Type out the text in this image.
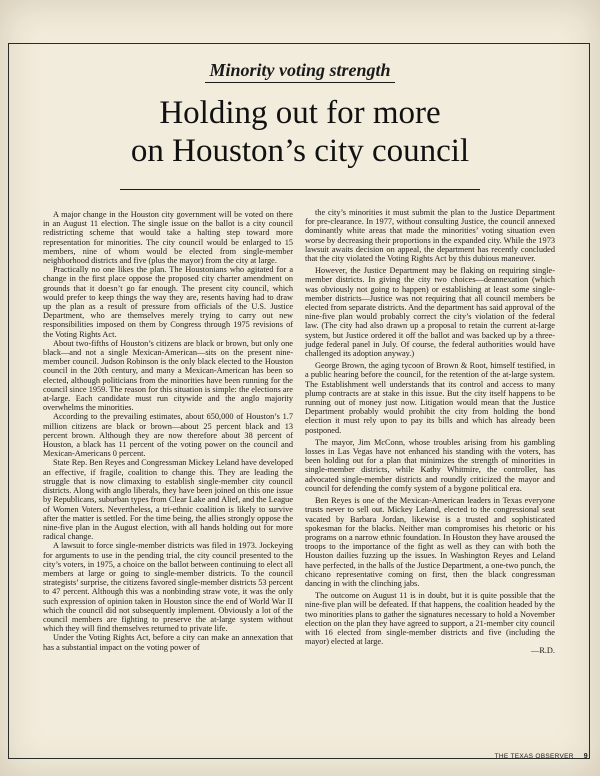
Minority voting strength
Holding out for more
on Houston’s city council

A major change in the Houston city government will be voted on there in an August 11 election. The single issue on the ballot is a city council redistricting scheme that would take a halting step toward more representation for minorities. The city council would be enlarged to 15 members, nine of whom would be elected from single-member neighborhood districts and five (plus the mayor) from the city at large.

Practically no one likes the plan. The Houstonians who agitated for a change in the first place oppose the proposed city charter amendment on grounds that it doesn’t go far enough. The present city council, which would prefer to keep things the way they are, resents having had to draw up the plan as a result of pressure from officials of the U.S. Justice Department, who are themselves merely trying to carry out new responsibilities imposed on them by Congress through 1975 revisions of the Voting Rights Act.

About two-fifths of Houston’s citizens are black or brown, but only one black—and not a single Mexican-American—sits on the present nine-member council. Judson Robinson is the only black elected to the Houston council in the 20th century, and many a Mexican-American has been so elected, although politicians from the minorities have been running for the council since 1959. The reason for this situation is simple: the elections are at-large. Each candidate must run citywide and the anglo majority overwhelms the minorities.

According to the prevailing estimates, about 650,000 of Houston’s 1.7 million citizens are black or brown—about 25 percent black and 13 percent brown. Although they are now therefore about 38 percent of Houston, a black has 11 percent of the voting power on the council and Mexican-Americans 0 percent.

State Rep. Ben Reyes and Congressman Mickey Leland have developed an effective, if fragile, coalition to change this. They are leading the struggle that is now climaxing to establish single-member city council districts. Along with anglo liberals, they have been joined on this one issue by Republicans, suburban types from Clear Lake and Alief, and the League of Women Voters. Nevertheless, a tri-ethnic coalition is likely to survive after the matter is settled. For the time being, the allies strongly oppose the nine-five plan in the August election, with all hands holding out for more radical change.

A lawsuit to force single-member districts was filed in 1973. Jockeying for arguments to use in the pending trial, the city council presented to the city’s voters, in 1975, a choice on the ballot between continuing to elect all members at large or going to single-member districts. To the council strategists’ surprise, the citizens favored single-member districts 53 percent to 47 percent. Although this was a nonbinding straw vote, it was the only such expression of opinion taken in Houston since the end of World War II which the council did not subsequently implement. Obviously a lot of the council members are fighting to preserve the at-large system without which they will find themselves returned to private life.

Under the Voting Rights Act, before a city can make an annexation that has a substantial impact on the voting power of

the city’s minorities it must submit the plan to the Justice Department for pre-clearance. In 1977, without consulting Justice, the council annexed dominantly white areas that made the minorities’ voting situation even worse by decreasing their proportions in the expanded city. While the 1973 lawsuit awaits decision on appeal, the department has recently concluded that the city violated the Voting Rights Act by this dubious maneuver.

However, the Justice Department may be flaking on requiring single-member districts. In giving the city two choices—deannexation (which was obviously not going to happen) or establishing at least some single-member districts—Justice was not requiring that all council members be elected from separate districts. And the department has said approval of the nine-five plan would probably correct the city’s violation of the federal law. (The city had also drawn up a proposal to retain the current at-large system, but Justice ordered it off the ballot and was backed up by a three-judge federal panel in July. Of course, the federal authorities would have challenged its adoption anyway.)

George Brown, the aging tycoon of Brown & Root, himself testified, in a public hearing before the council, for the retention of the at-large system. The Establishment well understands that its control and access to many plump contracts are at stake in this issue. But the city itself happens to be running out of money just now. Litigation would mean that the Justice Department probably would prohibit the city from holding the bond election it must rely upon to pay its bills and which has already been postponed.

The mayor, Jim McConn, whose troubles arising from his gambling losses in Las Vegas have not enhanced his standing with the voters, has been holding out for a plan that minimizes the strength of minorities in single-member districts, while Kathy Whitmire, the controller, has advocated single-member districts and roundly criticized the mayor and council for defending the comfy system of a bygone political era.

Ben Reyes is one of the Mexican-American leaders in Texas everyone trusts never to sell out. Mickey Leland, elected to the congressional seat vacated by Barbara Jordan, likewise is a trusted and sophisticated spokesman for the blacks. Neither man compromises his rhetoric or his programs on a narrow ethnic foundation. In Houston they have aroused the troops to the importance of the fight as well as they can with both the Houston dailies fuzzing up the issues. In Washington Reyes and Leland have perfected, in the halls of the Justice Department, a one-two punch, the chicano representative coming on first, then the black congressman dancing in with the clinching jabs.

The outcome on August 11 is in doubt, but it is quite possible that the nine-five plan will be defeated. If that happens, the coalition headed by the two minorities plans to gather the signatures necessary to hold a November election on the plan they have agreed to support, a 21-member city council with 16 elected from single-member districts and five (including the mayor) elected at large.

—R.D.
THE TEXAS OBSERVER 9
